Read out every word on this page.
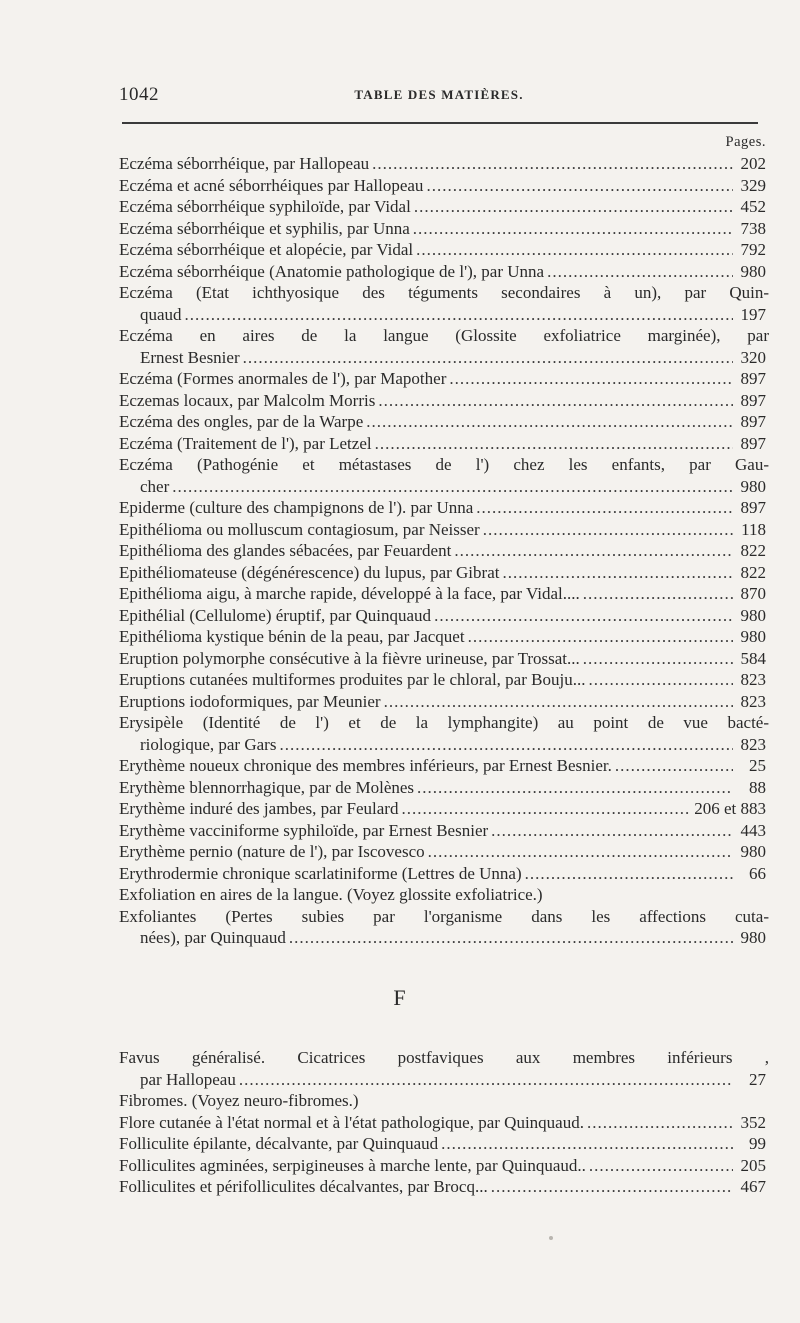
1042	TABLE DES MATIÈRES.
Pages.
Eczéma séborrhéique, par Hallopeau .....	202
Eczéma et acné séborrhéiques par Hallopeau .....	329
Eczéma séborrhéique syphiloïde, par Vidal .....	452
Eczéma séborrhéique et syphilis, par Unna .....	738
Eczéma séborrhéique et alopécie, par Vidal .....	792
Eczéma séborrhéique (Anatomie pathologique de l'), par Unna .....	980
Eczéma (Etat ichthyosique des téguments secondaires à un), par Quin-
quaud .....	197
Eczéma en aires de la langue (Glossite exfoliatrice marginée), par
Ernest Besnier .....	320
Eczéma (Formes anormales de l'), par Mapother .....	897
Eczemas locaux, par Malcolm Morris .....	897
Eczéma des ongles, par de la Warpe .....	897
Eczéma (Traitement de l'), par Letzel .....	897
Eczéma (Pathogénie et métastases de l') chez les enfants, par Gau-
cher .....	980
Epiderme (culture des champignons de l'). par Unna .....	897
Epithélioma ou molluscum contagiosum, par Neisser .....	118
Epithélioma des glandes sébacées, par Feuardent .....	822
Epithéliomateuse (dégénérescence) du lupus, par Gibrat .....	822
Epithélioma aigu, à marche rapide, développé à la face, par Vidal.... .....	870
Epithélial (Cellulome) éruptif, par Quinquaud .....	980
Epithélioma kystique bénin de la peau, par Jacquet .....	980
Eruption polymorphe consécutive à la fièvre urineuse, par Trossat... .....	584
Eruptions cutanées multiformes produites par le chloral, par Bouju... .....	823
Eruptions iodoformiques, par Meunier .....	823
Erysipèle (Identité de l') et de la lymphangite) au point de vue bacté-
riologique, par Gars .....	823
Erythème noueux chronique des membres inférieurs, par Ernest Besnier. .....	25
Erythème blennorrhagique, par de Molènes .....	88
Erythème induré des jambes, par Feulard .....	206 et 883
Erythème vacciniforme syphiloïde, par Ernest Besnier .....	443
Erythème pernio (nature de l'), par Iscovesco .....	980
Erythrodermie chronique scarlatiniforme (Lettres de Unna) .....	66
Exfoliation en aires de la langue. (Voyez glossite exfoliatrice.)
Exfoliantes (Pertes subies par l'organisme dans les affections cuta-
nées), par Quinquaud .....	980
F
Favus généralisé. Cicatrices postfaviques aux membres inférieurs ,
par Hallopeau .....	27
Fibromes. (Voyez neuro-fibromes.)
Flore cutanée à l'état normal et à l'état pathologique, par Quinquaud. .....	352
Folliculite épilante, décalvante, par Quinquaud .....	99
Folliculites agminées, serpigineuses à marche lente, par Quinquaud.. .....	205
Folliculites et périfolliculites décalvantes, par Brocq... .....	467
